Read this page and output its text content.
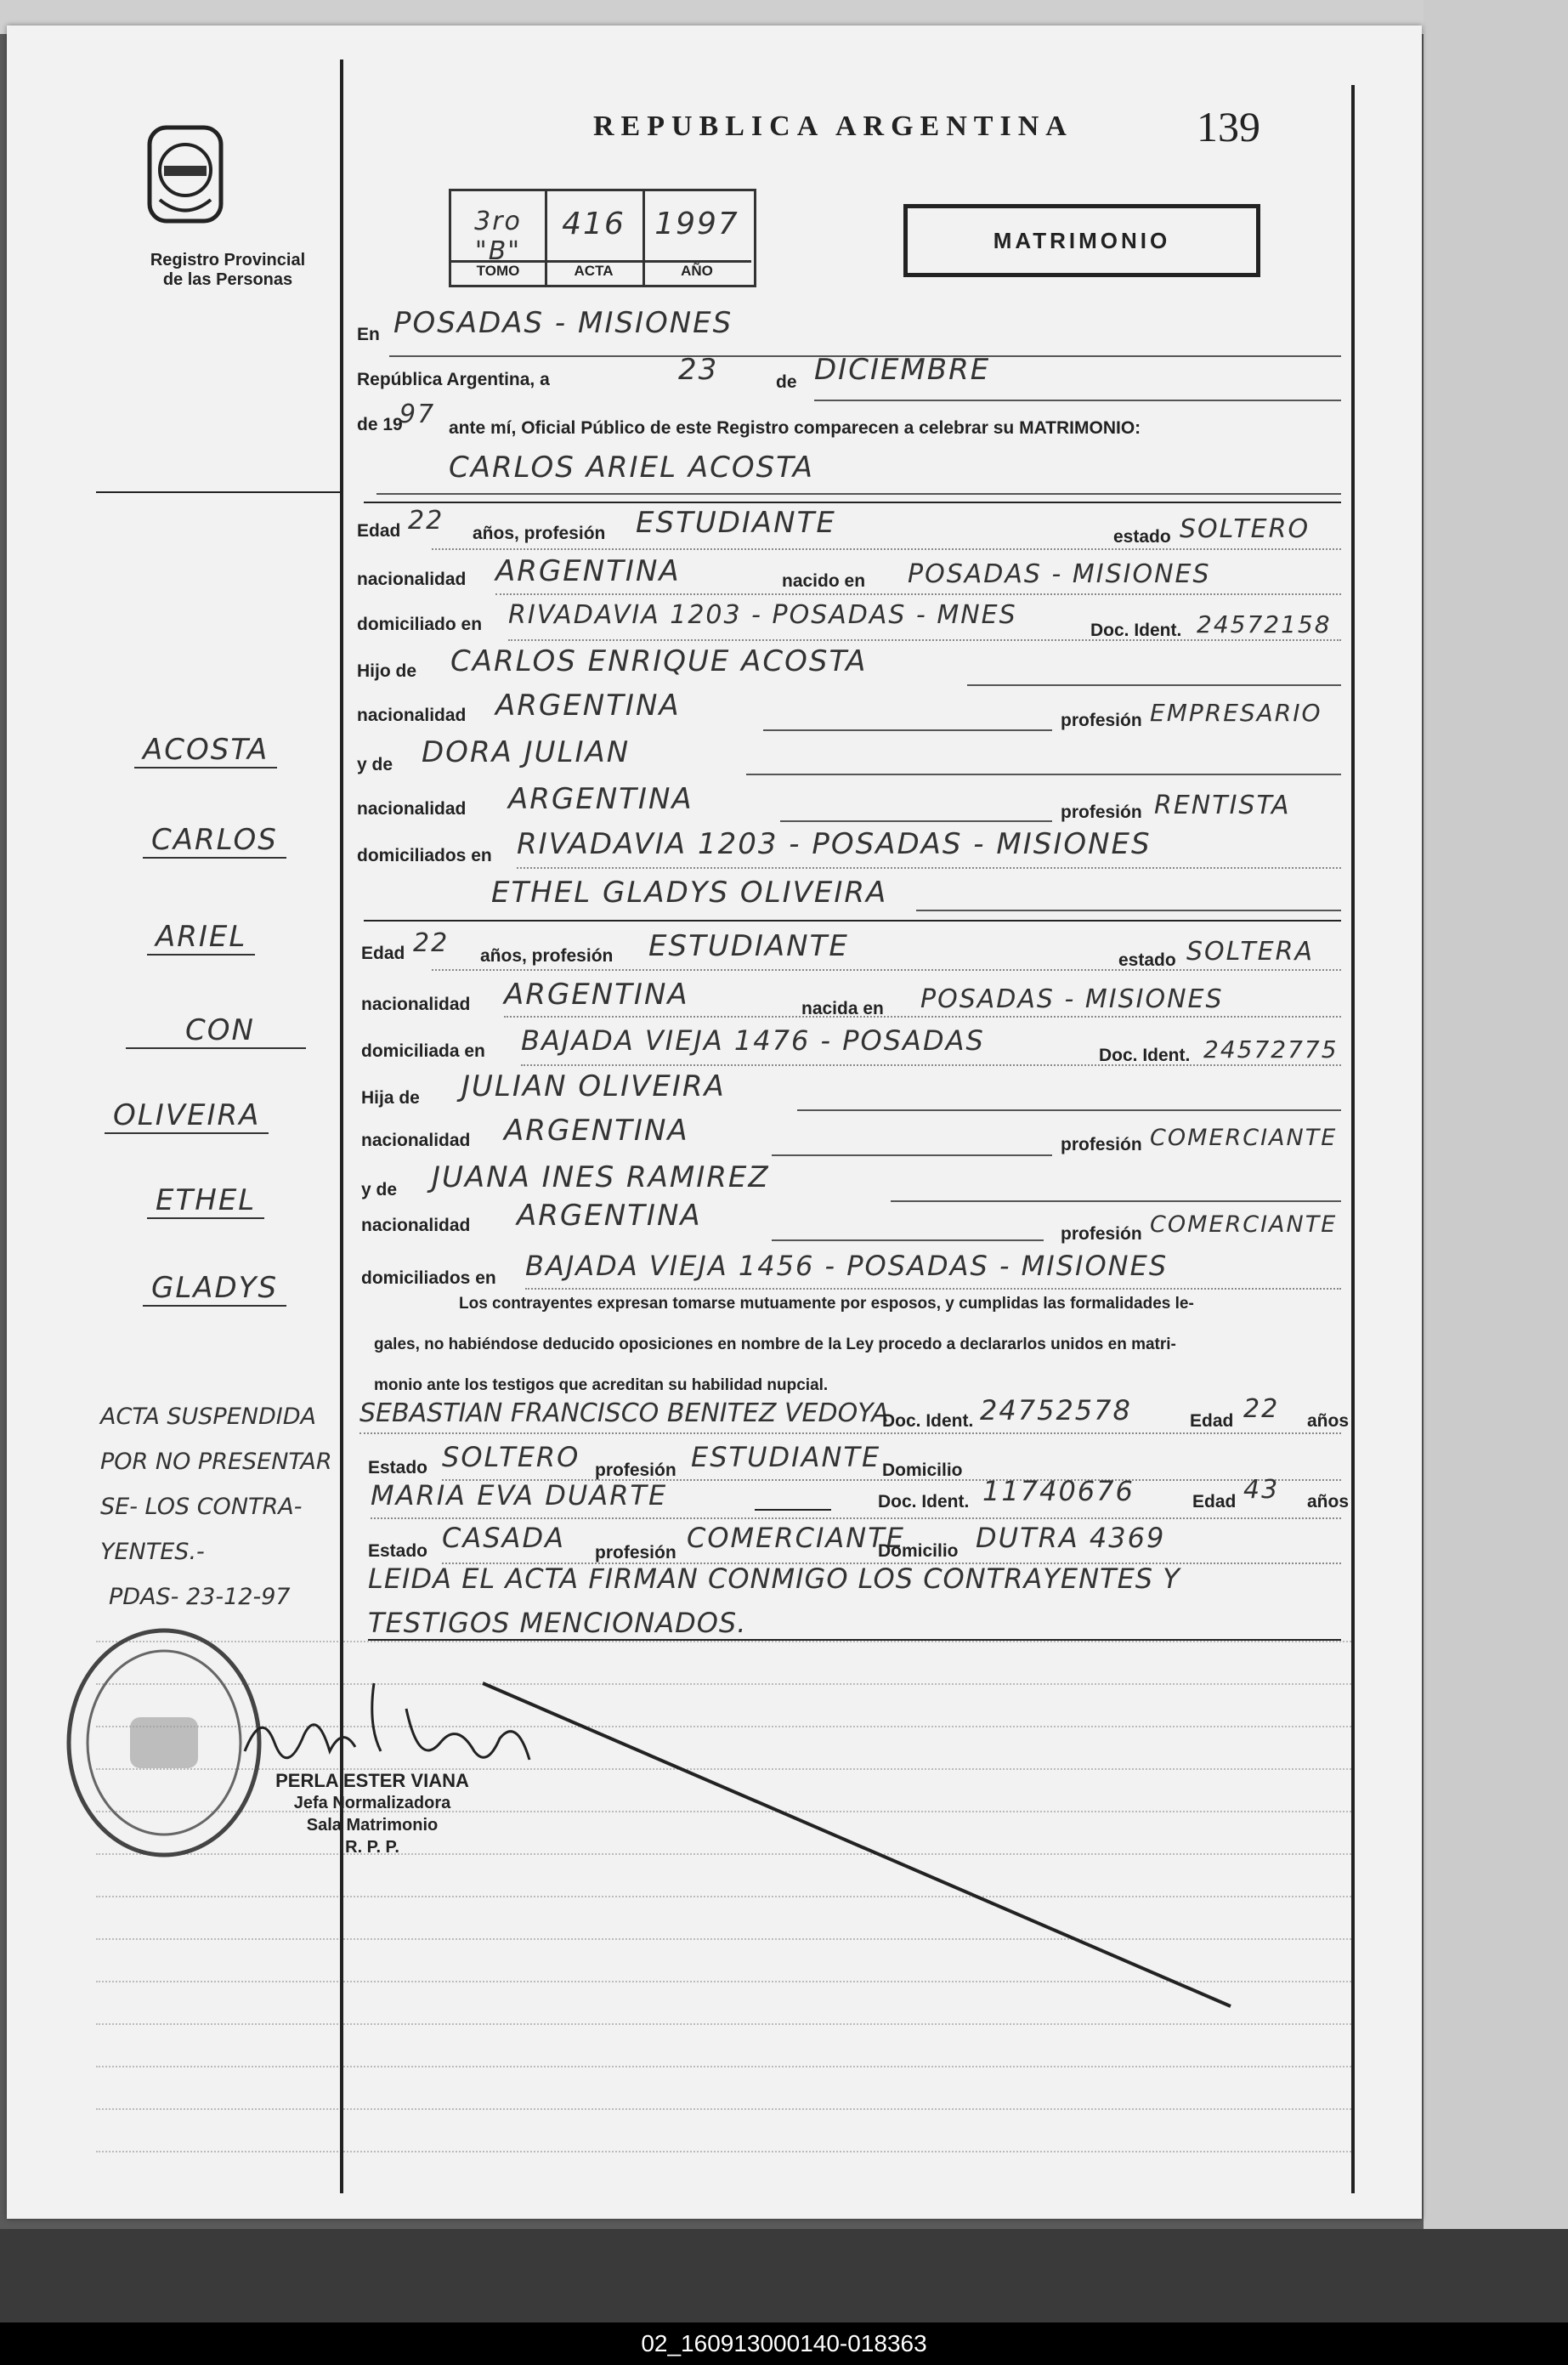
Registro Provincial
de las Personas
REPUBLICA ARGENTINA	139
3ro "B"
TOMO
416
ACTA
1997
AÑO
MATRIMONIO
En POSADAS - MISIONES
República Argentina, a	23	de DICIEMBRE
de 19
97 ante mí, Oficial Público de este Registro comparecen a celebrar su MATRIMONIO:
CARLOS ARIEL ACOSTA
Edad 22 años, profesión ESTUDIANTE	estado SOLTERO
nacionalidad ARGENTINA	nacido en POSADAS - MISIONES
domiciliado en RIVADAVIA 1203 - POSADAS - MNES
Doc. Ident. 24572158
Hijo de CARLOS ENRIQUE ACOSTA
nacionalidad ARGENTINA	profesión EMPRESARIO
y de DORA JULIAN
nacionalidad ARGENTINA	profesión RENTISTA
domiciliados en RIVADAVIA 1203 - POSADAS - MISIONES
ETHEL GLADYS OLIVEIRA
Edad 22 años, profesión ESTUDIANTE	estado SOLTERA
nacionalidad ARGENTINA	nacida en POSADAS - MISIONES
domiciliada en BAJADA VIEJA 1476 - POSADAS	Doc. Ident. 24572775
Hija de JULIAN OLIVEIRA
nacionalidad ARGENTINA	profesión COMERCIANTE
y de JUANA INES RAMIREZ
nacionalidad ARGENTINA
profesión COMERCIANTE
domiciliados en BAJADA VIEJA 1456 - POSADAS - MISIONES
Los contrayentes expresan tomarse mutuamente por esposos, y cumplidas las formalidades le-
gales, no habiéndose deducido oposiciones en nombre de la Ley procedo a declararlos unidos en matri-
monio ante los testigos que acreditan su habilidad nupcial.
SEBASTIAN FRANCISCO BENITEZ VEDOYA
Doc. Ident. 24752578	Edad 22 años
Estado SOLTERO profesión ESTUDIANTE Domicilio
MARIA EVA DUARTE	Doc. Ident. 11740676	Edad 43 años
Estado CASADA profesión COMERCIANTE
Domicilio DUTRA 4369
LEIDA EL ACTA FIRMAN CONMIGO LOS CONTRAYENTES Y
TESTIGOS MENCIONADOS.
ACOSTA
CARLOS
ARIEL
CON
OLIVEIRA
ETHEL
GLADYS
ACTA SUSPENDIDA
POR NO PRESENTAR
SE- LOS CONTRA-
YENTES.-
PDAS- 23-12-97
PERLA ESTER VIANA
Jefa Normalizadora
Sala Matrimonio
R. P. P.
02_160913000140-018363
